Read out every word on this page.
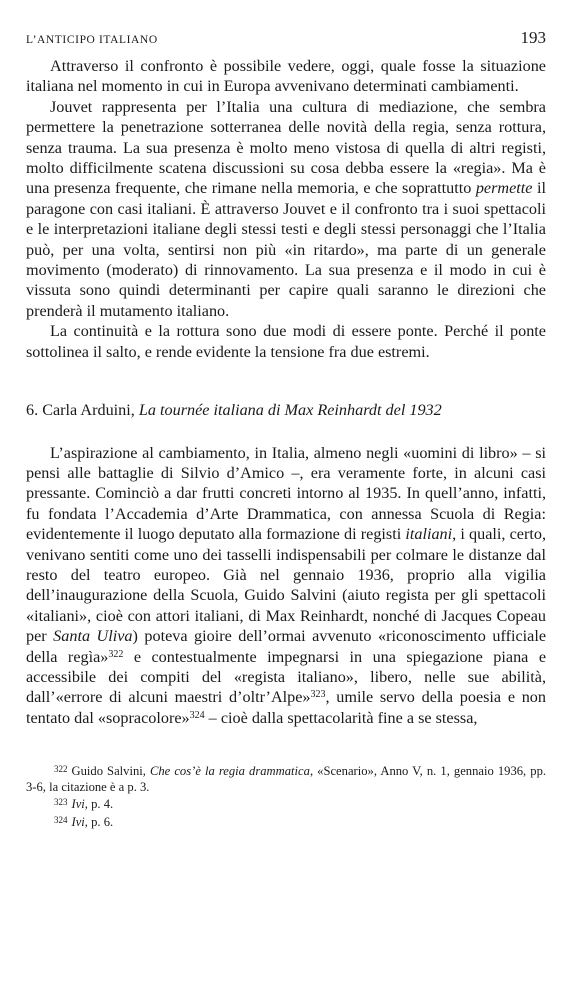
L’ANTICIPO ITALIANO	193

Attraverso il confronto è possibile vedere, oggi, quale fosse la situazione italiana nel momento in cui in Europa avvenivano determinati cambiamenti.

Jouvet rappresenta per l’Italia una cultura di mediazione, che sembra permettere la penetrazione sotterranea delle novità della regia, senza rottura, senza trauma. La sua presenza è molto meno vistosa di quella di altri registi, molto difficilmente scatena discussioni su cosa debba essere la «regia». Ma è una presenza frequente, che rimane nella memoria, e che soprattutto permette il paragone con casi italiani. È attraverso Jouvet e il confronto tra i suoi spettacoli e le interpretazioni italiane degli stessi testi e degli stessi personaggi che l’Italia può, per una volta, sentirsi non più «in ritardo», ma parte di un generale movimento (moderato) di rinnovamento. La sua presenza e il modo in cui è vissuta sono quindi determinanti per capire quali saranno le direzioni che prenderà il mutamento italiano.

La continuità e la rottura sono due modi di essere ponte. Perché il ponte sottolinea il salto, e rende evidente la tensione fra due estremi.

6. Carla Arduini, La tournée italiana di Max Reinhardt del 1932

L’aspirazione al cambiamento, in Italia, almeno negli «uomini di libro» – si pensi alle battaglie di Silvio d’Amico –, era veramente forte, in alcuni casi pressante. Cominciò a dar frutti concreti intorno al 1935. In quell’anno, infatti, fu fondata l’Accademia d’Arte Drammatica, con annessa Scuola di Regia: evidentemente il luogo deputato alla formazione di registi italiani, i quali, certo, venivano sentiti come uno dei tasselli indispensabili per colmare le distanze dal resto del teatro europeo. Già nel gennaio 1936, proprio alla vigilia dell’inaugurazione della Scuola, Guido Salvini (aiuto regista per gli spettacoli «italiani», cioè con attori italiani, di Max Reinhardt, nonché di Jacques Copeau per Santa Uliva) poteva gioire dell’ormai avvenuto «riconoscimento ufficiale della regìa»$^{322}$ e contestualmente impegnarsi in una spiegazione piana e accessibile dei compiti del «regista italiano», libero, nelle sue abilità, dall’«errore di alcuni maestri d’oltr’Alpe»$^{323}$, umile servo della poesia e non tentato dal «sopracolore»$^{324}$ – cioè dalla spettacolarità fine a se stessa,

$^{322}$ Guido Salvini, Che cos’è la regia drammatica, «Scenario», Anno V, n. 1, gennaio 1936, pp. 3-6, la citazione è a p. 3.

$^{323}$ Ivi, p. 4.

$^{324}$ Ivi, p. 6.
